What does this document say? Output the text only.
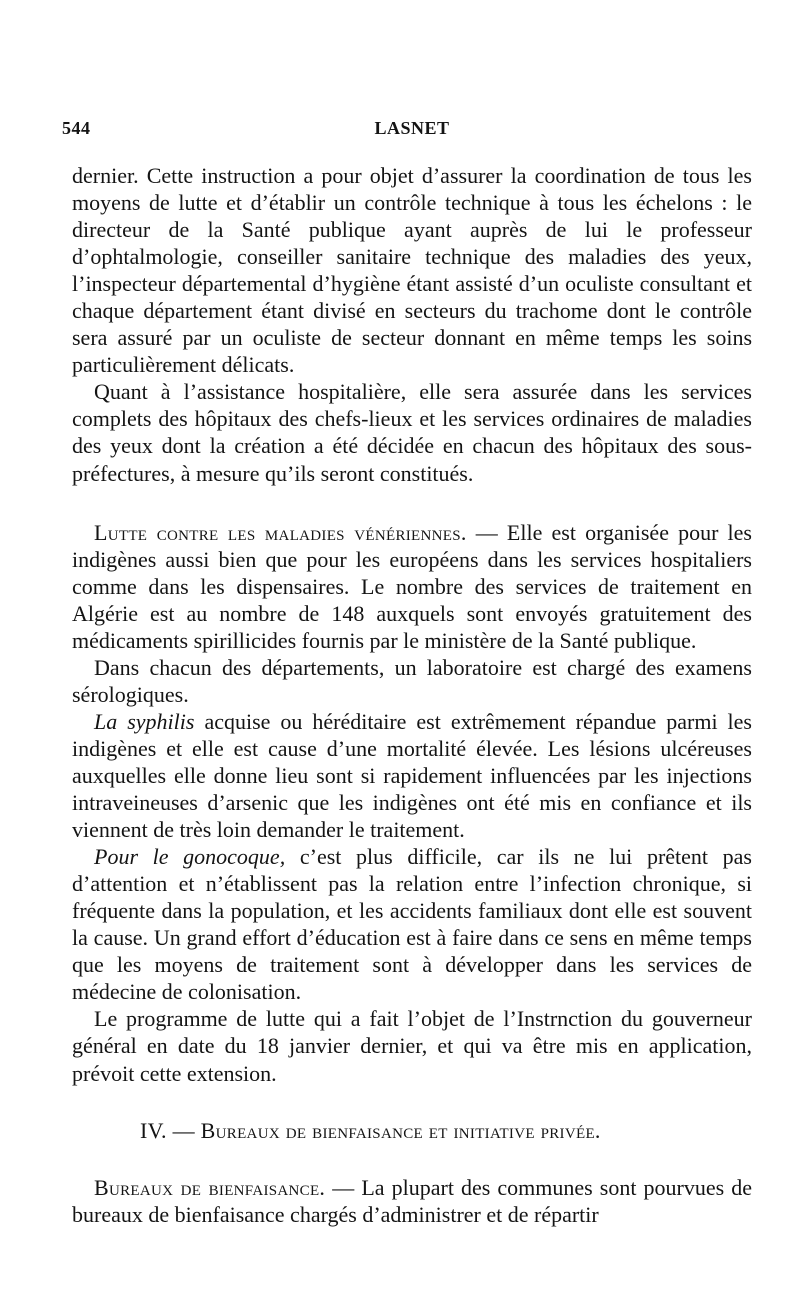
544	LASNET

dernier. Cette instruction a pour objet d’assurer la coordination de tous les moyens de lutte et d’établir un contrôle technique à tous les échelons : le directeur de la Santé publique ayant auprès de lui le professeur d’ophtalmologie, conseiller sanitaire technique des maladies des yeux, l’inspecteur départemental d’hygiène étant assisté d’un oculiste consultant et chaque département étant divisé en secteurs du trachome dont le contrôle sera assuré par un oculiste de secteur donnant en même temps les soins particulièrement délicats.

Quant à l’assistance hospitalière, elle sera assurée dans les services complets des hôpitaux des chefs-lieux et les services ordinaires de maladies des yeux dont la création a été décidée en chacun des hôpitaux des sous-préfectures, à mesure qu’ils seront constitués.

Lutte contre les maladies vénériennes. — Elle est organisée pour les indigènes aussi bien que pour les européens dans les services hospitaliers comme dans les dispensaires. Le nombre des services de traitement en Algérie est au nombre de 148 auxquels sont envoyés gratuitement des médicaments spirillicides fournis par le ministère de la Santé publique.

Dans chacun des départements, un laboratoire est chargé des examens sérologiques.

La syphilis acquise ou héréditaire est extrêmement répandue parmi les indigènes et elle est cause d’une mortalité élevée. Les lésions ulcéreuses auxquelles elle donne lieu sont si rapidement influencées par les injections intraveineuses d’arsenic que les indigènes ont été mis en confiance et ils viennent de très loin demander le traitement.

Pour le gonocoque, c’est plus difficile, car ils ne lui prêtent pas d’attention et n’établissent pas la relation entre l’infection chronique, si fréquente dans la population, et les accidents familiaux dont elle est souvent la cause. Un grand effort d’éducation est à faire dans ce sens en même temps que les moyens de traitement sont à développer dans les services de médecine de colonisation.

Le programme de lutte qui a fait l’objet de l’Instrnction du gouverneur général en date du 18 janvier dernier, et qui va être mis en application, prévoit cette extension.

IV. — Bureaux de bienfaisance et initiative privée.

Bureaux de bienfaisance. — La plupart des communes sont pourvues de bureaux de bienfaisance chargés d’administrer et de répartir
